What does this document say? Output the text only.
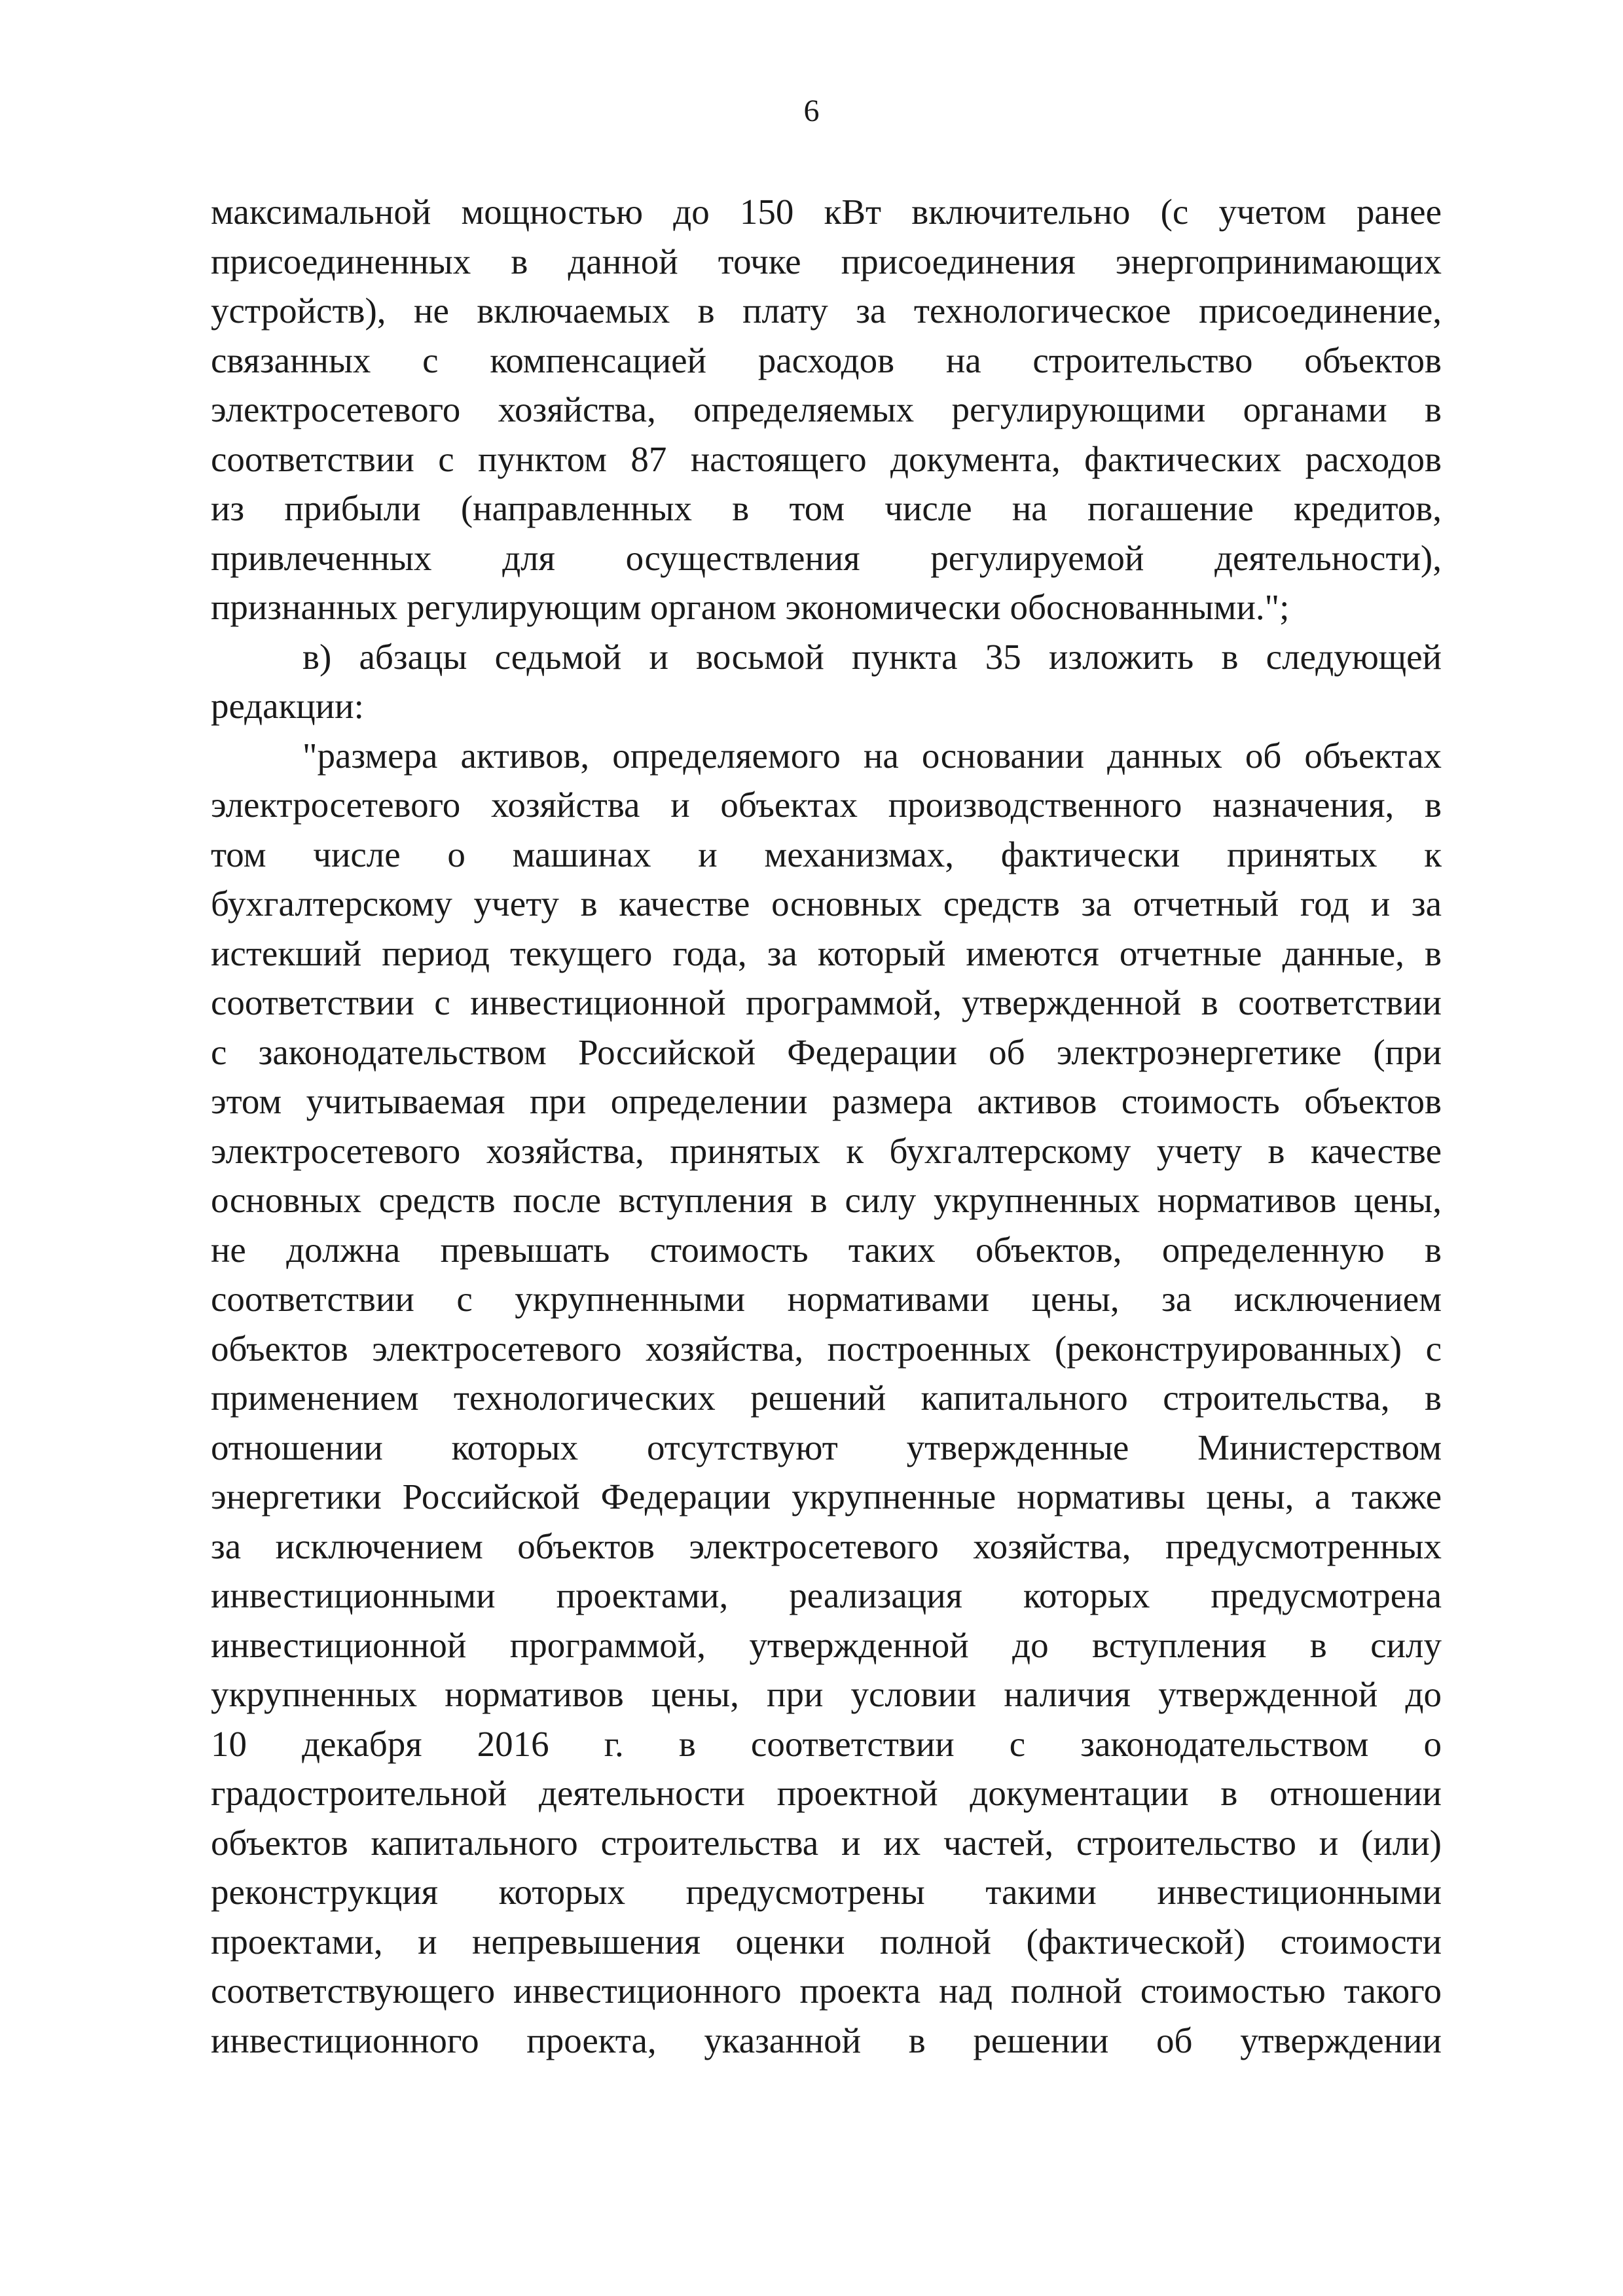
6
максимальной мощностью до 150 кВт включительно (с учетом ранее
присоединенных в данной точке присоединения энергопринимающих
устройств), не включаемых в плату за технологическое присоединение,
связанных с компенсацией расходов на строительство объектов
электросетевого хозяйства, определяемых регулирующими органами в
соответствии с пунктом 87 настоящего документа, фактических расходов
из прибыли (направленных в том числе на погашение кредитов,
привлеченных для осуществления регулируемой деятельности),
признанных регулирующим органом экономически обоснованными.";
в) абзацы седьмой и восьмой пункта 35 изложить в следующей
редакции:
"размера активов, определяемого на основании данных об объектах
электросетевого хозяйства и объектах производственного назначения, в
том числе о машинах и механизмах, фактически принятых к
бухгалтерскому учету в качестве основных средств за отчетный год и за
истекший период текущего года, за который имеются отчетные данные, в
соответствии с инвестиционной программой, утвержденной в соответствии
с законодательством Российской Федерации об электроэнергетике (при
этом учитываемая при определении размера активов стоимость объектов
электросетевого хозяйства, принятых к бухгалтерскому учету в качестве
основных средств после вступления в силу укрупненных нормативов цены,
не должна превышать стоимость таких объектов, определенную в
соответствии с укрупненными нормативами цены, за исключением
объектов электросетевого хозяйства, построенных (реконструированных) с
применением технологических решений капитального строительства, в
отношении которых отсутствуют утвержденные Министерством
энергетики Российской Федерации укрупненные нормативы цены, а также
за исключением объектов электросетевого хозяйства, предусмотренных
инвестиционными проектами, реализация которых предусмотрена
инвестиционной программой, утвержденной до вступления в силу
укрупненных нормативов цены, при условии наличия утвержденной до
10 декабря 2016 г. в соответствии с законодательством о
градостроительной деятельности проектной документации в отношении
объектов капитального строительства и их частей, строительство и (или)
реконструкция которых предусмотрены такими инвестиционными
проектами, и непревышения оценки полной (фактической) стоимости
соответствующего инвестиционного проекта над полной стоимостью такого
инвестиционного проекта, указанной в решении об утверждении
